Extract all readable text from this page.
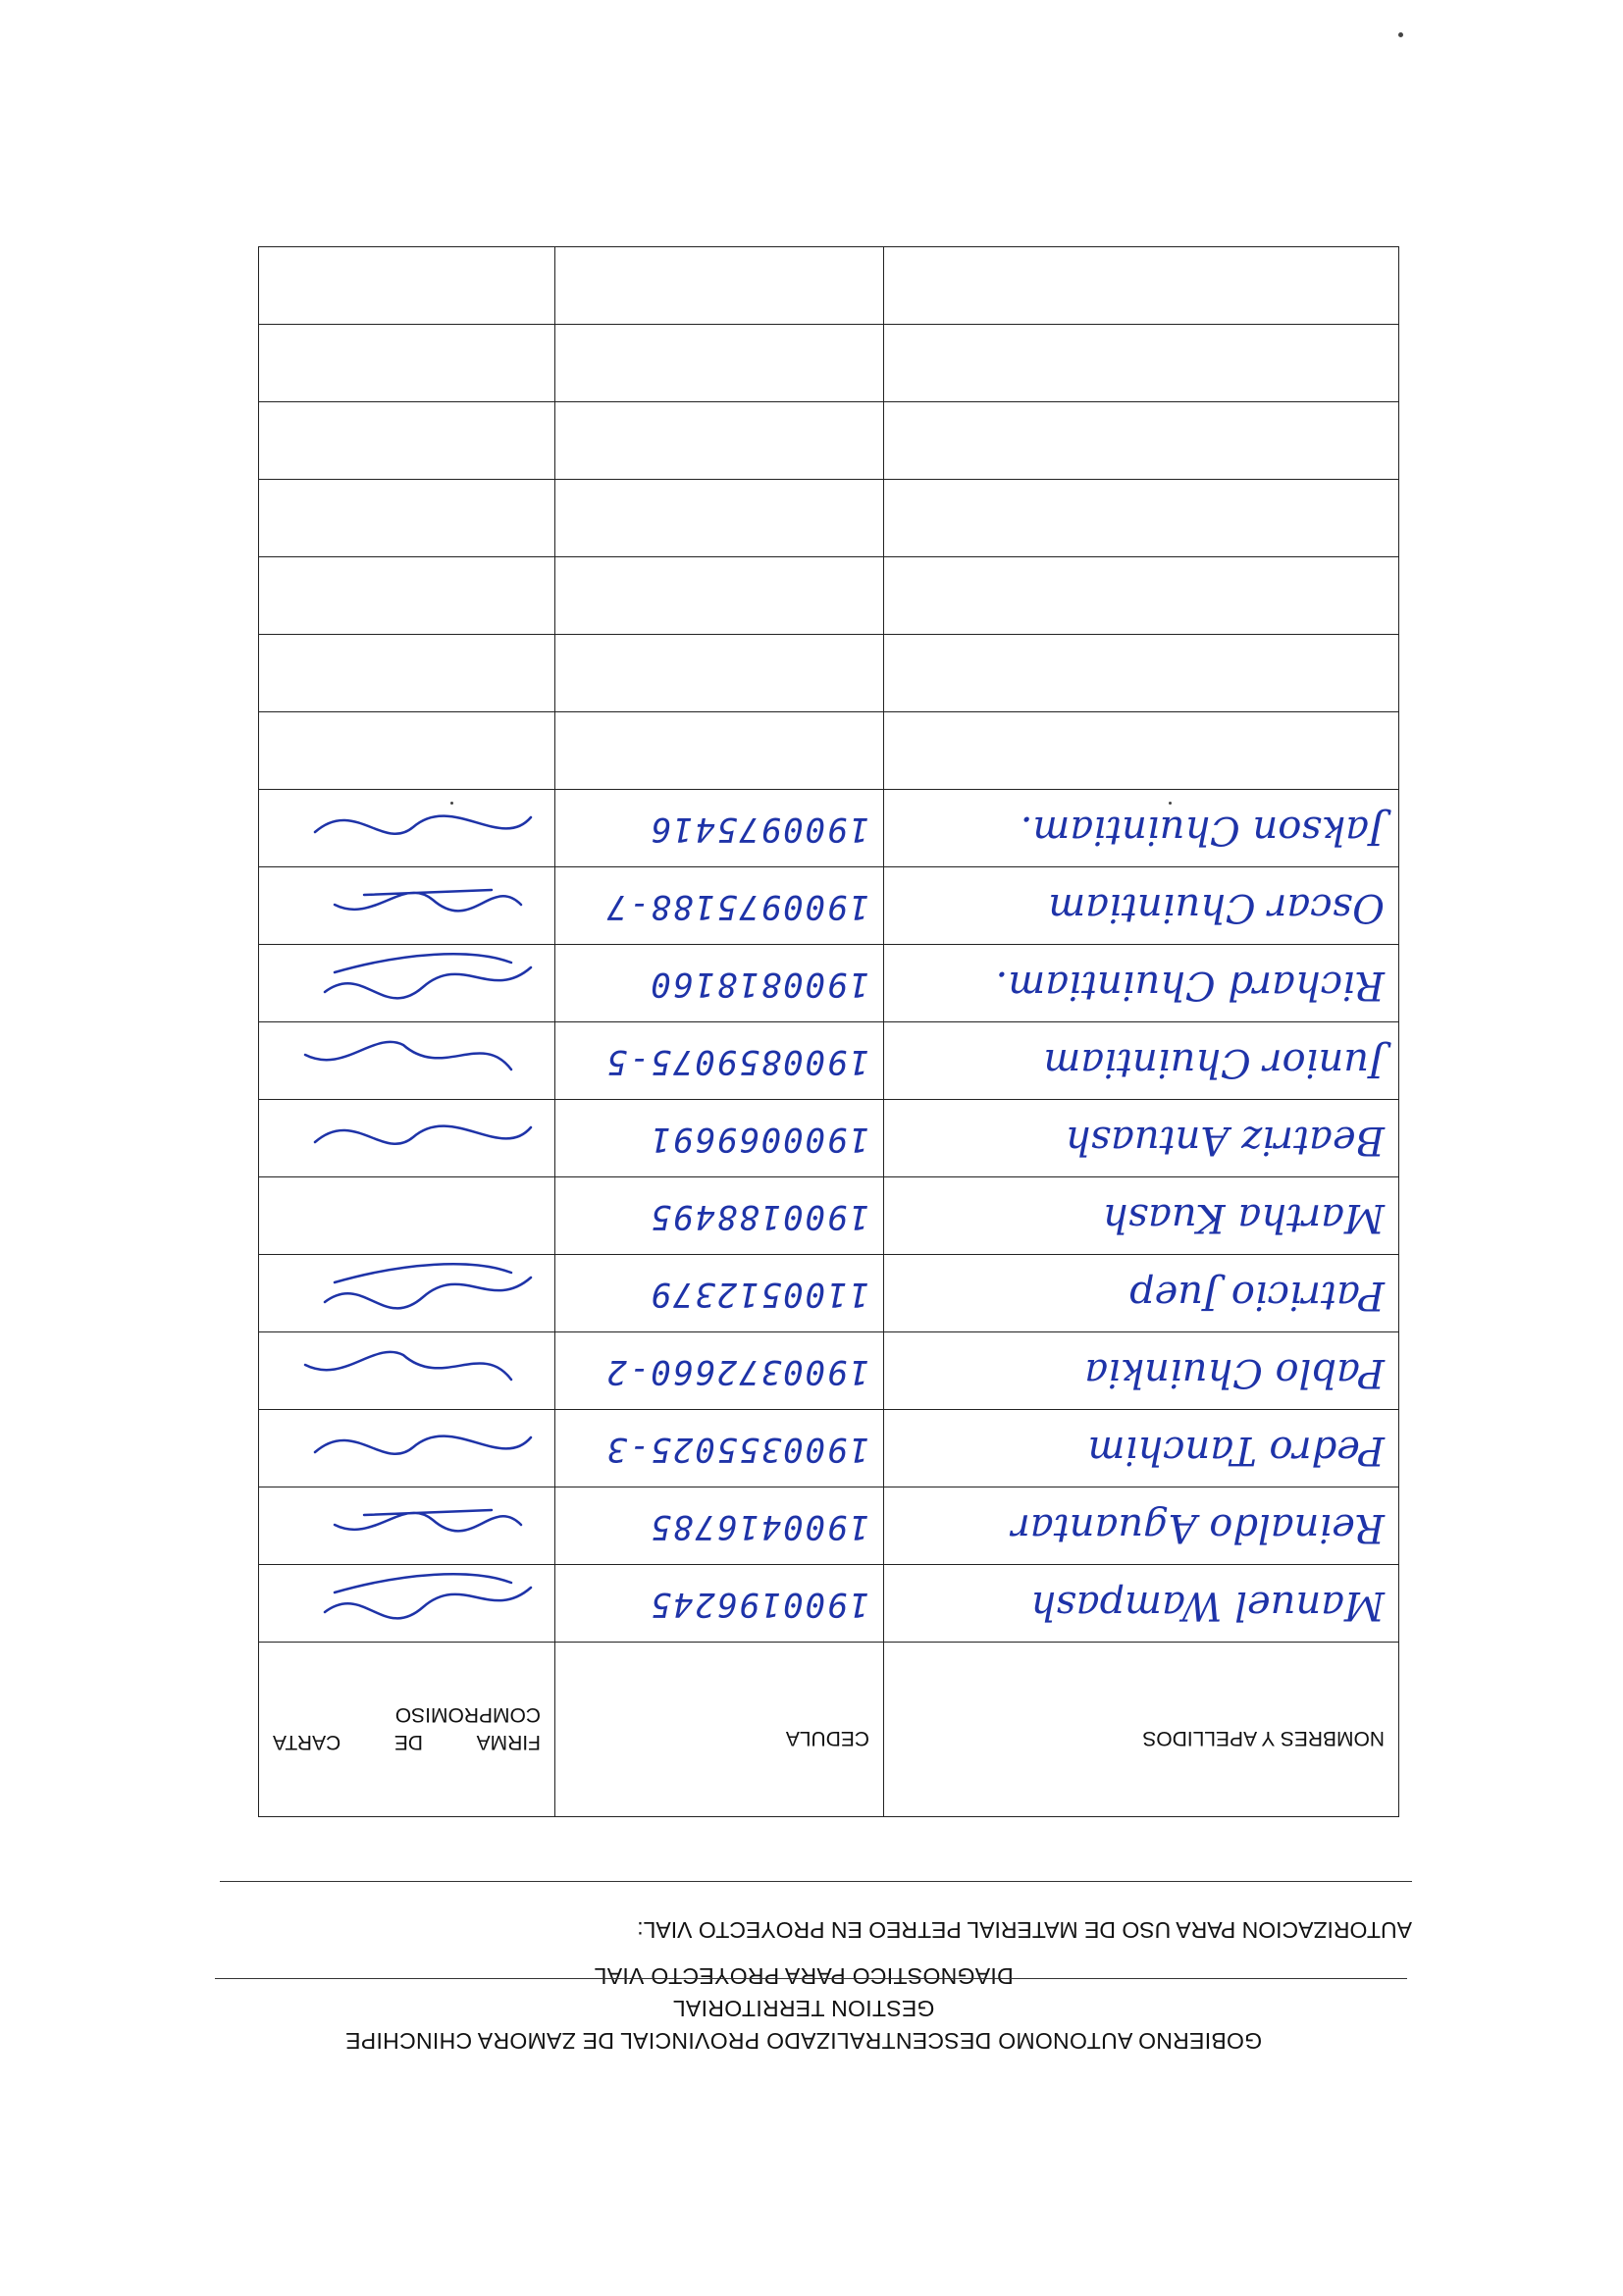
GOBIERNO AUTONOMO DESCENTRALIZADO PROVINCIAL DE ZAMORA CHINCHIPE
GESTION TERRITORIAL
DIAGNOSTICO PARA PROYECTO VIAL
AUTORIZACION PARA USO DE MATERIAL PETREO EN PROYECTO VIAL:
NOMBRES Y APELLIDOS	CEDULA	FIRMA
DE
CARTA
COMPROMISO

Manuel Wampash	1900196245

Reinaldo Aguantar	1900416785

Pedro Tanchim	1900355025-3

Pablo Chuinkia	1900372660-2

Patricio Juep	1100512379

Martha Kuash	1900188495	

Beatriz Antuash	1900069691

Junior Chuintiam	1900859075-5

Richard Chuintiam.	1900818160

Oscar Chuintiam	1900975188-7

Jakson Chuintiam.	1900975416
